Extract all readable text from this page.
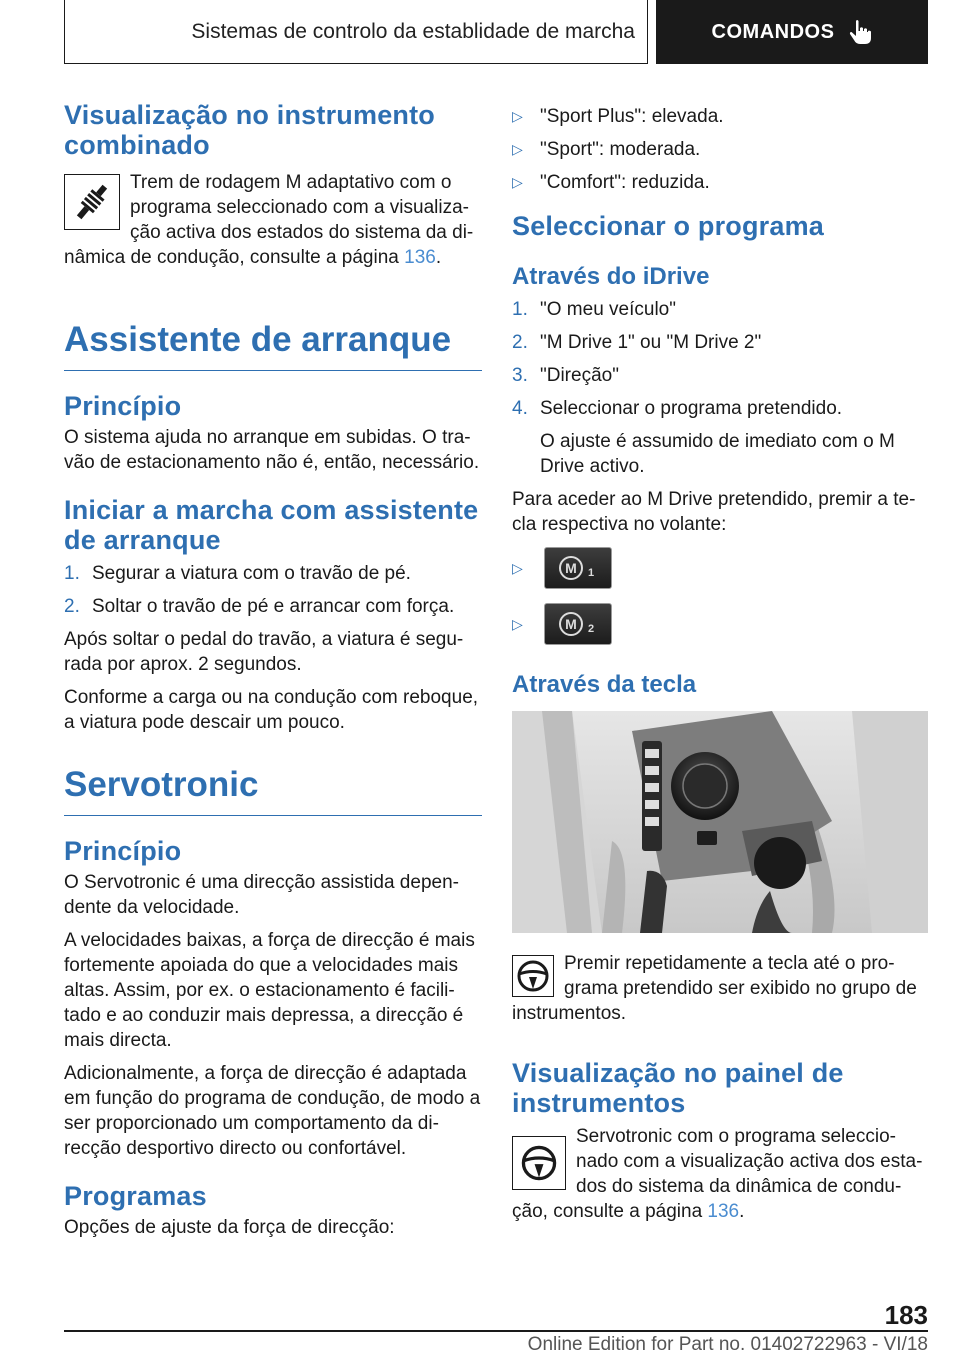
Sistemas de controlo da establidade de marcha	COMANDOS
Visualização no instrumento combinado

Trem de rodagem M adaptativo com o programa seleccionado com a visualização activa dos estados do sistema da dinâmica de condução, consulte a página 136.

Assistente de arranque
Princípio

O sistema ajuda no arranque em subidas. O travão de estacionamento não é, então, necessário.

Iniciar a marcha com assistente de arranque
1. Segurar a viatura com o travão de pé.
2. Soltar o travão de pé e arrancar com força.

Após soltar o pedal do travão, a viatura é segurada por aprox. 2 segundos.

Conforme a carga ou na condução com reboque, a viatura pode descair um pouco.

Servotronic
Princípio

O Servotronic é uma direcção assistida dependente da velocidade.

A velocidades baixas, a força de direcção é mais fortemente apoiada do que a velocidades mais altas. Assim, por ex. o estacionamento é facilitado e ao conduzir mais depressa, a direcção é mais directa.

Adicionalmente, a força de direcção é adaptada em função do programa de condução, de modo a ser proporcionado um comportamento da direcção desportivo directo ou confortável.

Programas

Opções de ajuste da força de direcção:

▷ "Sport Plus": elevada.
▷ "Sport": moderada.
▷ "Comfort": reduzida.
Seleccionar o programa
Através do iDrive
1. "O meu veículo"
2. "M Drive 1" ou "M Drive 2"
3. "Direção"
4. Seleccionar o programa pretendido.

O ajuste é assumido de imediato com o M Drive activo.

Para aceder ao M Drive pretendido, premir a tecla respectiva no volante:

▷	M 1
▷	M 2
Através da tecla

Premir repetidamente a tecla até o programa pretendido ser exibido no grupo de instrumentos.

Visualização no painel de instrumentos

Servotronic com o programa seleccionado com a visualização activa dos estados do sistema da dinâmica de condução, consulte a página 136.

183
Online Edition for Part no. 01402722963 - VI/18
